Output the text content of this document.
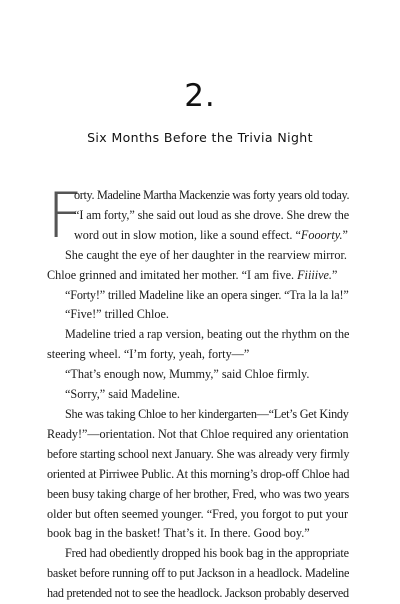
2.
Six Months Before the Trivia Night
F
orty. Madeline Martha Mackenzie was forty years old today.
“I am forty,” she said out loud as she drove. She drew the
word out in slow motion, like a sound effect. “Fooorty.”
She caught the eye of her daughter in the rearview mirror.
Chloe grinned and imitated her mother. “I am five. Fiiiive.”
“Forty!” trilled Madeline like an opera singer. “Tra la la la!”
“Five!” trilled Chloe.
Madeline tried a rap version, beating out the rhythm on the
steering wheel. “I’m forty, yeah, forty—”
“That’s enough now, Mummy,” said Chloe firmly.
“Sorry,” said Madeline.
She was taking Chloe to her kindergarten—“Let’s Get Kindy
Ready!”—orientation. Not that Chloe required any orientation
before starting school next January. She was already very firmly
oriented at Pirriwee Public. At this morning’s drop-off Chloe had
been busy taking charge of her brother, Fred, who was two years
older but often seemed younger. “Fred, you forgot to put your
book bag in the basket! That’s it. In there. Good boy.”
Fred had obediently dropped his book bag in the appropriate
basket before running off to put Jackson in a headlock. Madeline
had pretended not to see the headlock. Jackson probably deserved
